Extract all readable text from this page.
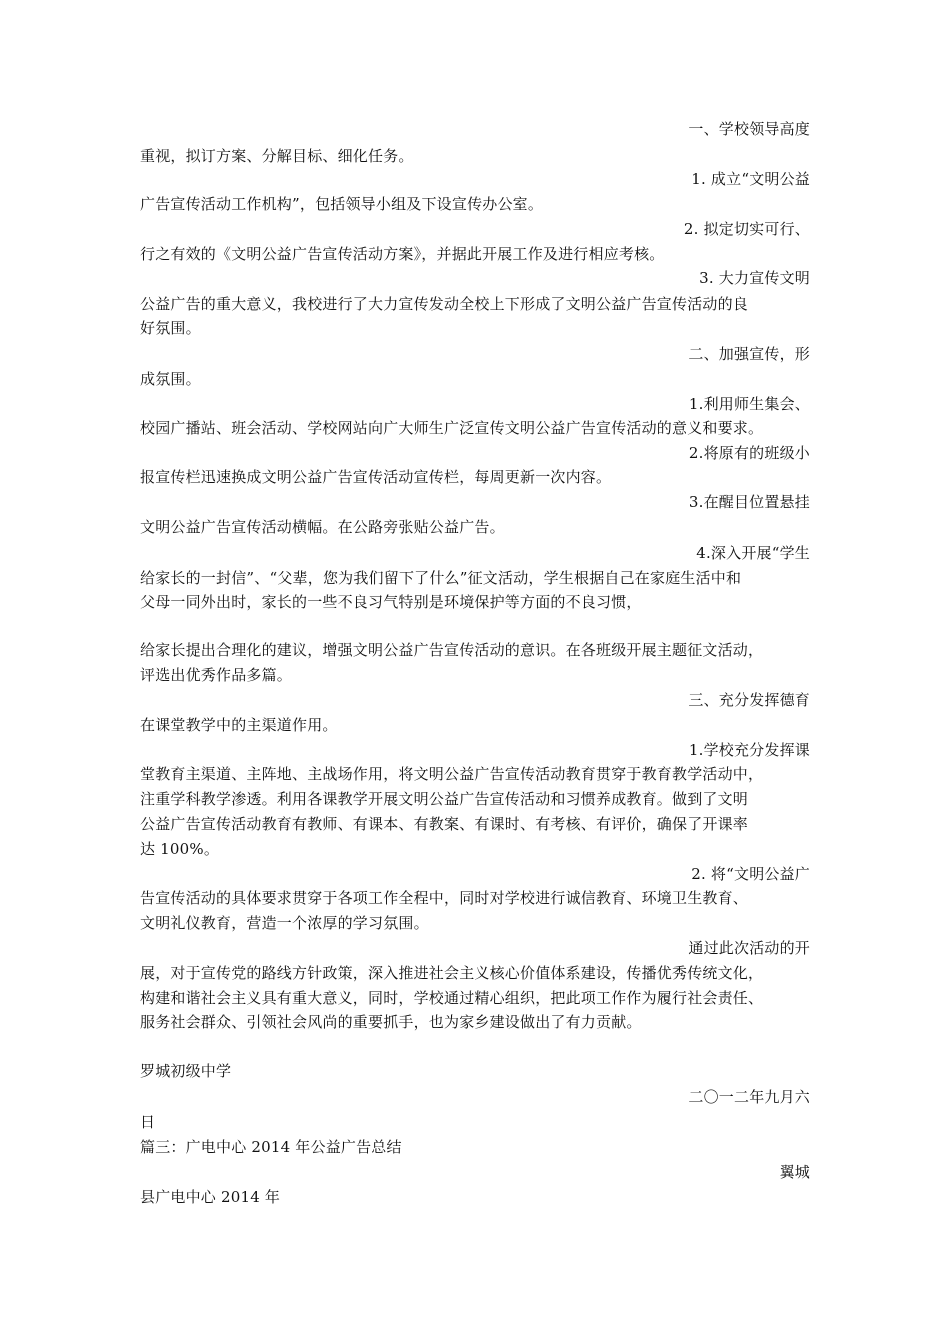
一、学校领导高度
重视，拟订方案、分解目标、细化任务。
1. 成立“文明公益
广告宣传活动工作机构”，包括领导小组及下设宣传办公室。
2. 拟定切实可行、
行之有效的《文明公益广告宣传活动方案》，并据此开展工作及进行相应考核。
3. 大力宣传文明
公益广告的重大意义，我校进行了大力宣传发动全校上下形成了文明公益广告宣传活动的良
好氛围。
二、加强宣传，形
成氛围。
1.利用师生集会、
校园广播站、班会活动、学校网站向广大师生广泛宣传文明公益广告宣传活动的意义和要求。
2.将原有的班级小
报宣传栏迅速换成文明公益广告宣传活动宣传栏，每周更新一次内容。
3.在醒目位置悬挂
文明公益广告宣传活动横幅。在公路旁张贴公益广告。
4.深入开展“学生
给家长的一封信”、“父辈，您为我们留下了什么”征文活动，学生根据自己在家庭生活中和
父母一同外出时，家长的一些不良习气特别是环境保护等方面的不良习惯，
给家长提出合理化的建议，增强文明公益广告宣传活动的意识。在各班级开展主题征文活动，
评选出优秀作品多篇。
三、充分发挥德育
在课堂教学中的主渠道作用。
1.学校充分发挥课
堂教育主渠道、主阵地、主战场作用，将文明公益广告宣传活动教育贯穿于教育教学活动中，
注重学科教学渗透。利用各课教学开展文明公益广告宣传活动和习惯养成教育。做到了文明
公益广告宣传活动教育有教师、有课本、有教案、有课时、有考核、有评价，确保了开课率
达 100%。
2. 将“文明公益广
告宣传活动的具体要求贯穿于各项工作全程中，同时对学校进行诚信教育、环境卫生教育、
文明礼仪教育，营造一个浓厚的学习氛围。
通过此次活动的开
展，对于宣传党的路线方针政策，深入推进社会主义核心价值体系建设，传播优秀传统文化，
构建和谐社会主义具有重大意义，同时，学校通过精心组织，把此项工作作为履行社会责任、
服务社会群众、引领社会风尚的重要抓手，也为家乡建设做出了有力贡献。
罗城初级中学
二〇一二年九月六
日
篇三：广电中心 2014 年公益广告总结
翼城
县广电中心 2014 年
